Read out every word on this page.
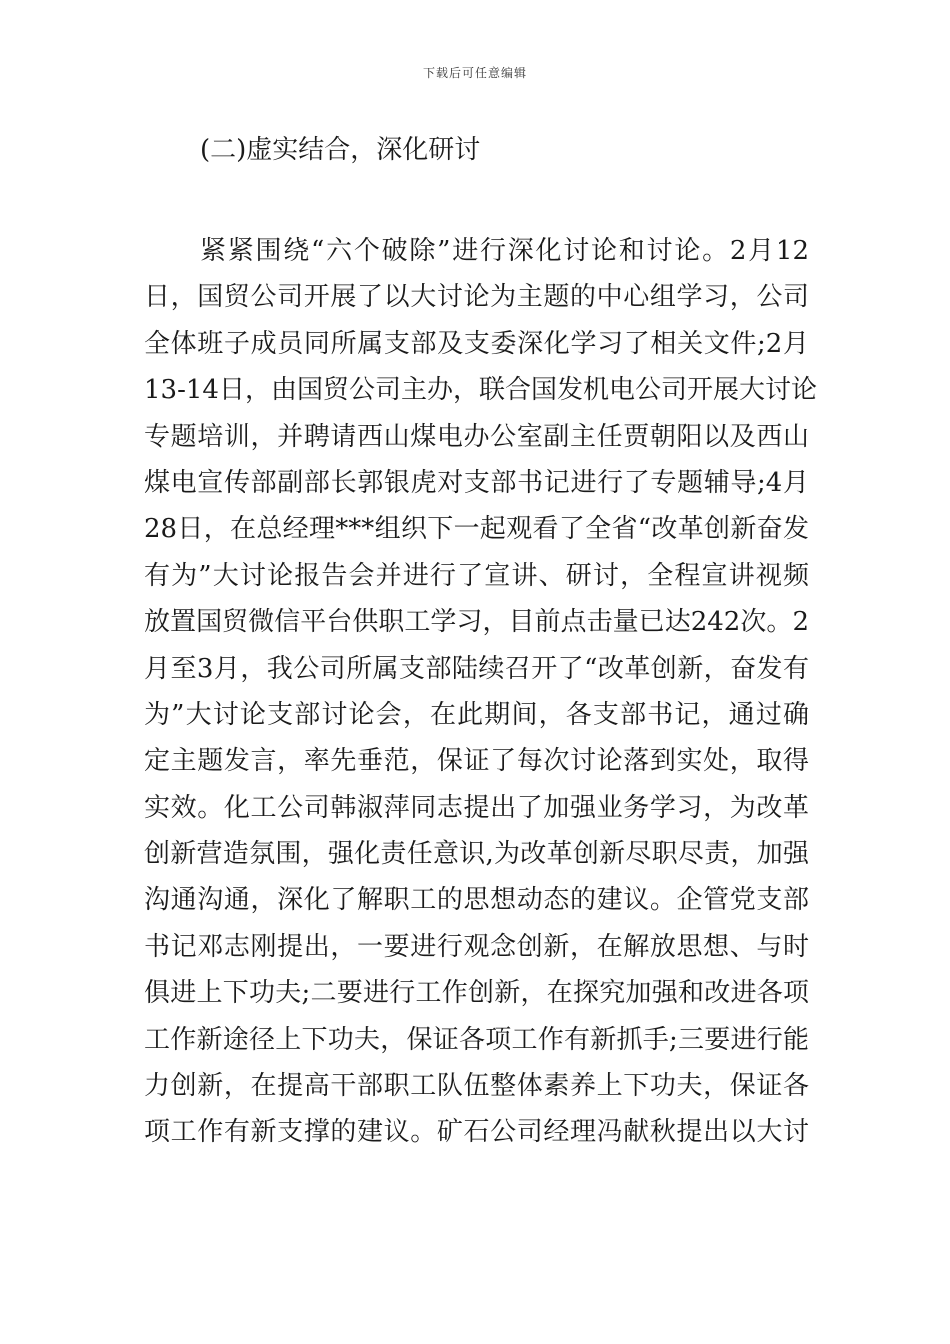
下载后可任意编辑
(二)虚实结合，深化研讨
紧紧围绕“六个破除”进行深化讨论和讨论。2月12
日，国贸公司开展了以大讨论为主题的中心组学习，公司
全体班子成员同所属支部及支委深化学习了相关文件;2月
13-14日，由国贸公司主办，联合国发机电公司开展大讨论
专题培训，并聘请西山煤电办公室副主任贾朝阳以及西山
煤电宣传部副部长郭银虎对支部书记进行了专题辅导;4月
28日，在总经理***组织下一起观看了全省“改革创新奋发
有为”大讨论报告会并进行了宣讲、研讨，全程宣讲视频
放置国贸微信平台供职工学习，目前点击量已达242次。2
月至3月，我公司所属支部陆续召开了“改革创新，奋发有
为”大讨论支部讨论会，在此期间，各支部书记，通过确
定主题发言，率先垂范，保证了每次讨论落到实处，取得
实效。化工公司韩淑萍同志提出了加强业务学习，为改革
创新营造氛围，强化责任意识,为改革创新尽职尽责，加强
沟通沟通，深化了解职工的思想动态的建议。企管党支部
书记邓志刚提出，一要进行观念创新，在解放思想、与时
俱进上下功夫;二要进行工作创新，在探究加强和改进各项
工作新途径上下功夫，保证各项工作有新抓手;三要进行能
力创新，在提高干部职工队伍整体素养上下功夫，保证各
项工作有新支撑的建议。矿石公司经理冯献秋提出以大讨
